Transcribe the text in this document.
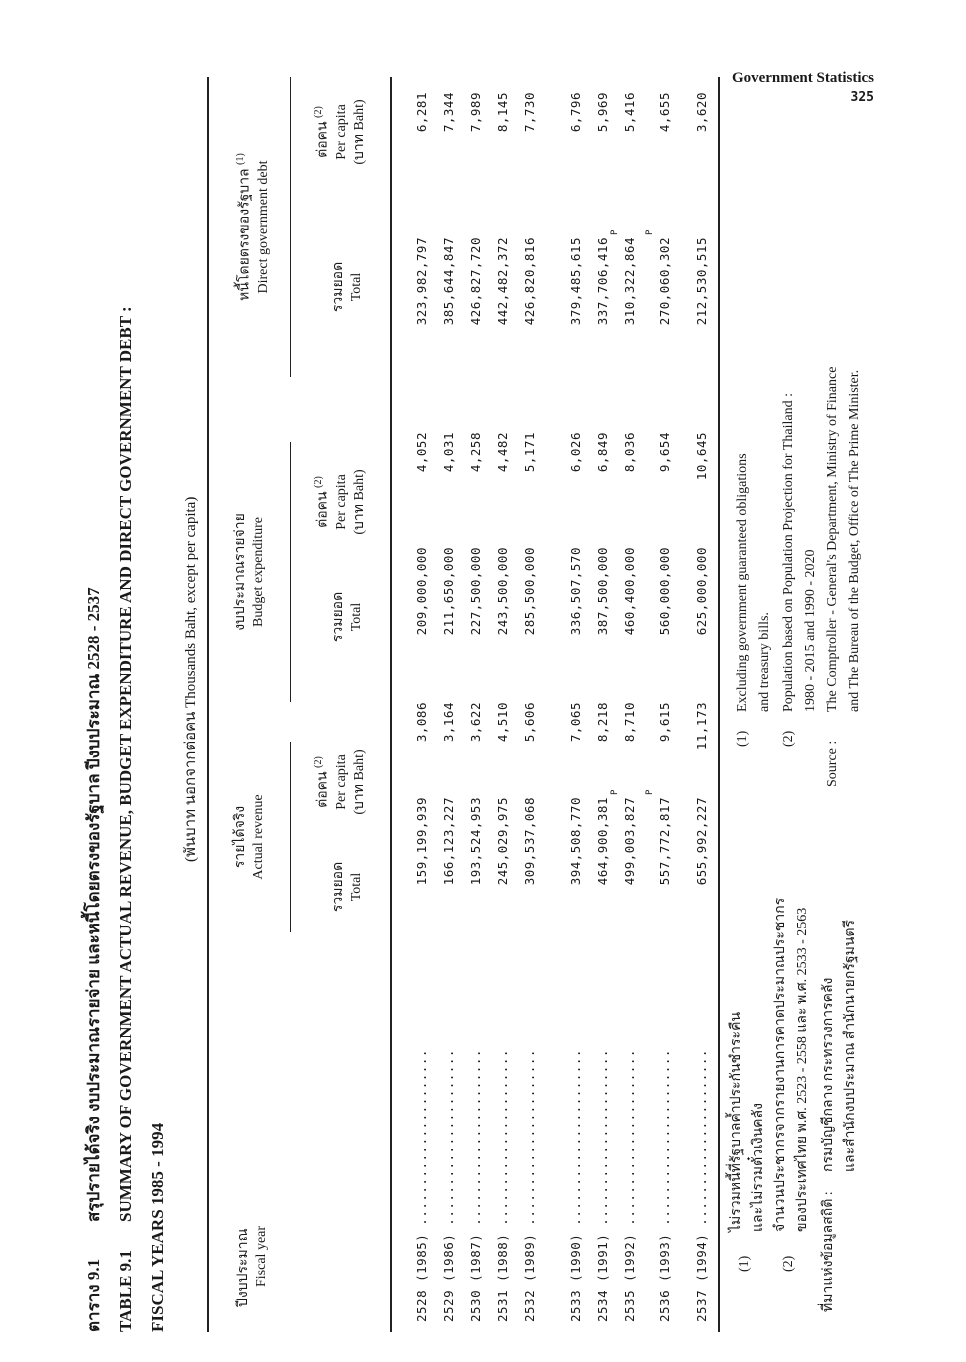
Government Statistics
325
ตาราง 9.1สรุปรายได้จริง งบประมาณรายจ่าย และหนี้โดยตรงของรัฐบาล ปีงบประมาณ 2528 - 2537
TABLE 9.1SUMMARY OF GOVERNMENT ACTUAL REVENUE, BUDGET EXPENDITURE AND DIRECT GOVERNMENT DEBT :
FISCAL YEARS 1985 - 1994
(พันบาท นอกจากต่อคน Thousands Baht, except per capita)
ปีงบประมาณ Fiscal year
รายได้จริง Actual revenue
งบประมาณรายจ่าย Budget expenditure
หนี้โดยตรงของรัฐบาล $^{(1)}$
Direct government debt
รวมยอด Total
ต่อคน $^{(2)}$ Per capita (บาท Baht)
รวมยอด Total
ต่อคน $^{(2)}$ Per capita (บาท Baht)
รวมยอด Total
ต่อคน $^{(2)}$ Per capita (บาท Baht)
2528 (1985) ......................
159,199,939
3,086
209,000,000
4,052
323,982,797
6,281
2529 (1986) ......................
166,123,227
3,164
211,650,000
4,031
385,644,847
7,344
2530 (1987) ......................
193,524,953
3,622
227,500,000
4,258
426,827,720
7,989
2531 (1988) ......................
245,029,975
4,510
243,500,000
4,482
442,482,372
8,145
2532 (1989) ......................
309,537,068
5,606
285,500,000
5,171
426,820,816
7,730
2533 (1990) ......................
394,508,770
7,065
336,507,570
6,026
379,485,615
6,796
2534 (1991) ......................
464,900,381
8,218
387,500,000
6,849
337,706,416
5,969
2535 (1992) ......................
499,003,827
P
8,710
460,400,000
8,036
310,322,864
P
5,416
2536 (1993) ......................
557,772,817
P
9,615
560,000,000
9,654
270,060,302
P
4,655
2537 (1994) ......................
655,992,227
11,173
625,000,000
10,645
212,530,515
3,620
(1)
ไม่รวมหนี้ที่รัฐบาลค้ำประกันชำระคืน และไม่รวมตั๋วเงินคลัง
(2)
จำนวนประชากรจากรายงานการคาดประมาณประชากร ของประเทศไทย พ.ศ. 2523 - 2558 และ พ.ศ. 2533 - 2563
ที่มาแห่งข้อมูลสถิติ :
กรมบัญชีกลาง กระทรวงการคลัง และสำนักงบประมาณ สำนักนายกรัฐมนตรี
(1)
Excluding government guaranteed obligations and treasury bills.
(2)
Population based on Population Projection for Thailand : 1980 - 2015 and 1990 - 2020
Source :
The Comptroller - General's Department, Ministry of Finance and The Bureau of the Budget, Office of The Prime Minister.
